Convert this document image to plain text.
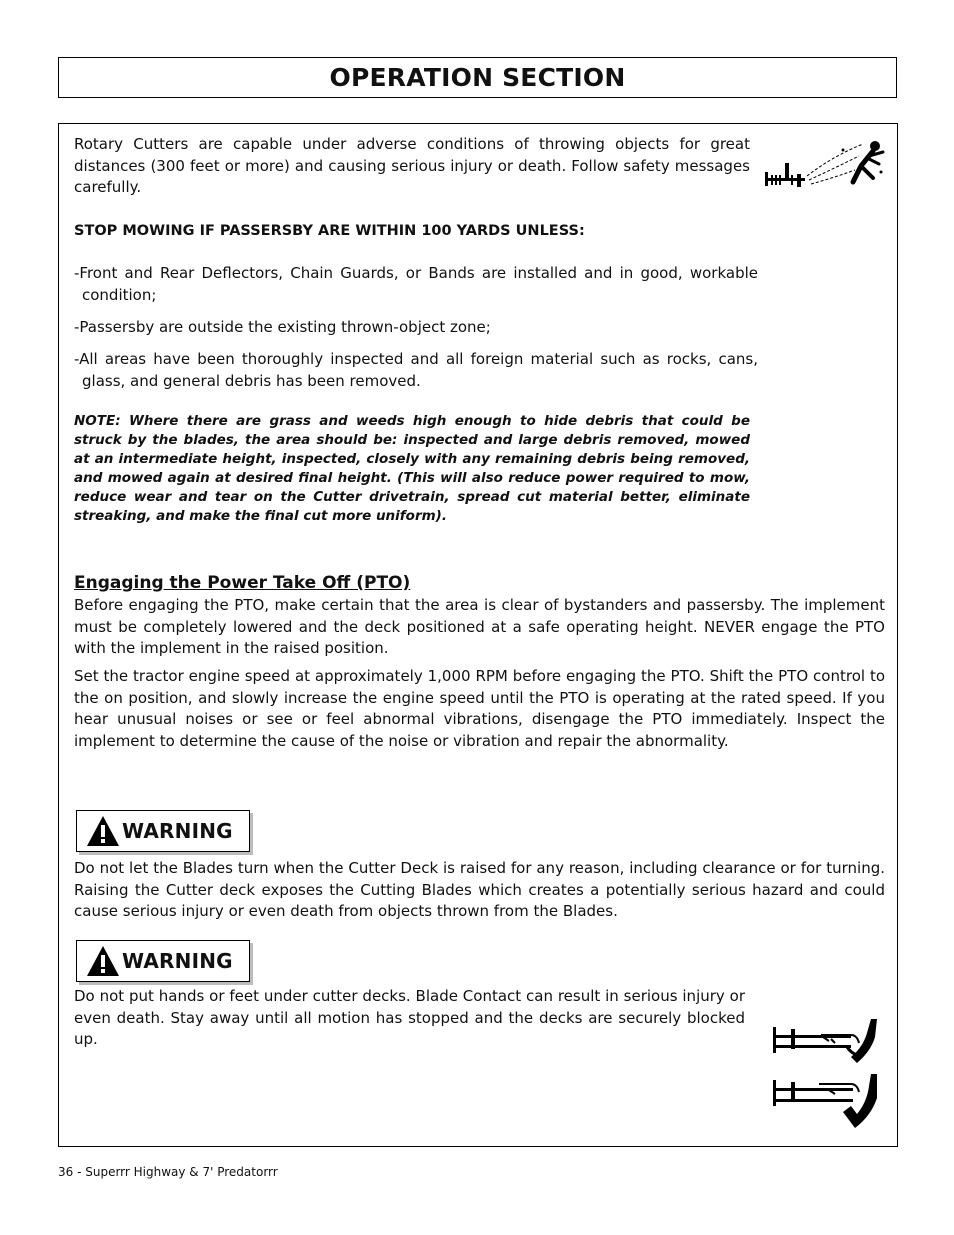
OPERATION SECTION

Rotary Cutters are capable under adverse conditions of throwing objects for great distances (300 feet or more) and causing serious injury or death. Follow safety messages carefully.

STOP MOWING IF PASSERSBY ARE WITHIN 100 YARDS UNLESS:

-Front and Rear Deflectors, Chain Guards, or Bands are installed and in good, workable condition;

-Passersby are outside the existing thrown-object zone;

-All areas have been thoroughly inspected and all foreign material such as rocks, cans, glass, and general debris has been removed.

NOTE: Where there are grass and weeds high enough to hide debris that could be struck by the blades, the area should be: inspected and large debris removed, mowed at an intermediate height, inspected, closely with any remaining debris being removed, and mowed again at desired final height. (This will also reduce power required to mow, reduce wear and tear on the Cutter drivetrain, spread cut material better, eliminate streaking, and make the final cut more uniform).

Engaging the Power Take Off (PTO)

Before engaging the PTO, make certain that the area is clear of bystanders and passersby. The implement must be completely lowered and the deck positioned at a safe operating height. NEVER engage the PTO with the implement in the raised position.

Set the tractor engine speed at approximately 1,000 RPM before engaging the PTO. Shift the PTO control to the on position, and slowly increase the engine speed until the PTO is operating at the rated speed. If you hear unusual noises or see or feel abnormal vibrations, disengage the PTO immediately. Inspect the implement to determine the cause of the noise or vibration and repair the abnormality.

WARNING

Do not let the Blades turn when the Cutter Deck is raised for any reason, including clearance or for turning. Raising the Cutter deck exposes the Cutting Blades which creates a potentially serious hazard and could cause serious injury or even death from objects thrown from the Blades.

WARNING

Do not put hands or feet under cutter decks. Blade Contact can result in serious injury or even death. Stay away until all motion has stopped and the decks are securely blocked up.

36 - Superrr Highway & 7' Predatorrr
